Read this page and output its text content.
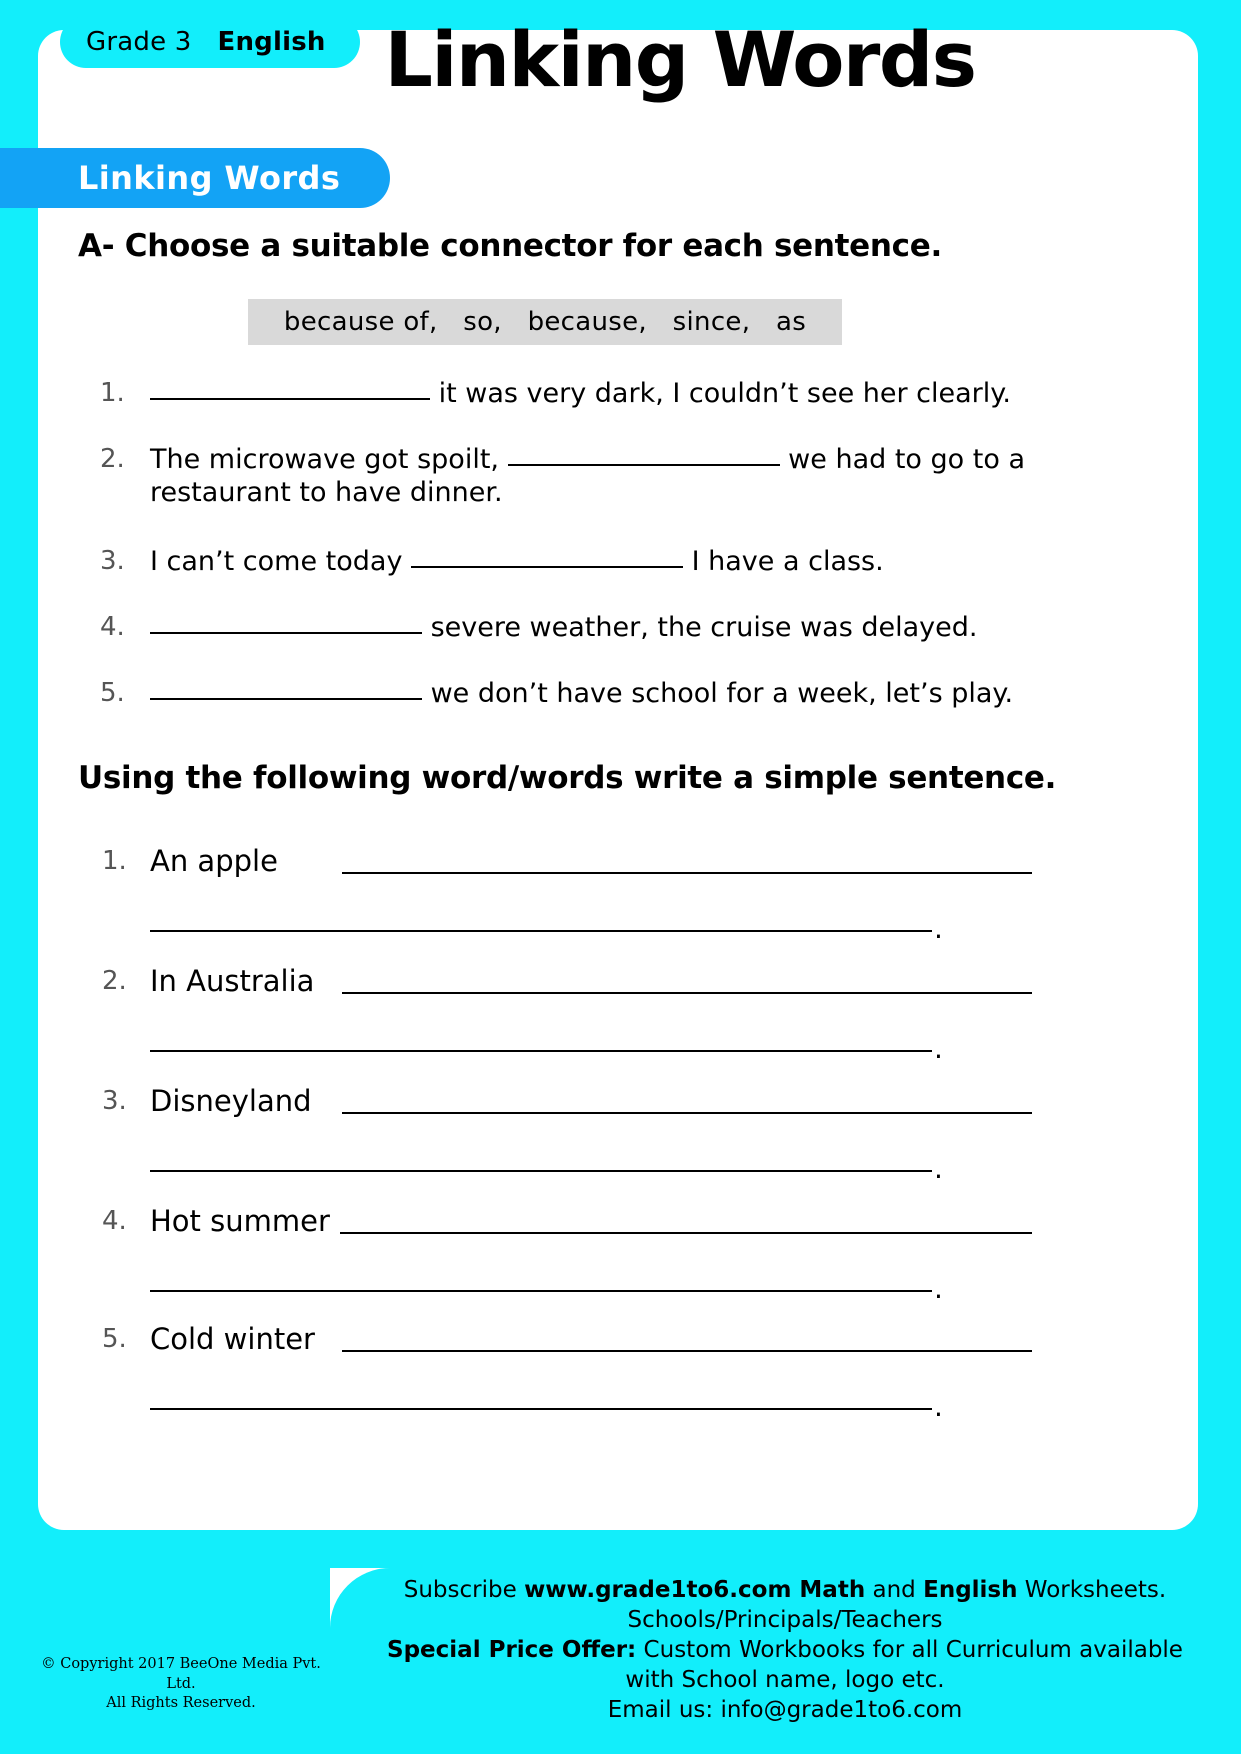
Grade 3 English Linking Words
Linking Words
A- Choose a suitable connector for each sentence.
because of,   so,   because,   since,   as
1.	it was very dark, I couldn’t see her clearly.
2. The microwave got spoilt,	we had to go to a restaurant to have dinner.
3. I can’t come today	I have a class.
4.	severe weather, the cruise was delayed.
5.	we don’t have school for a week, let’s play.
Using the following word/words write a simple sentence.
1. An apple
.
2. In Australia
.
3. Disneyland
.
4. Hot summer
.
5. Cold winter
.
Subscribe www.grade1to6.com Math and English Worksheets.
Schools/Principals/Teachers
Special Price Offer: Custom Workbooks for all Curriculum available
with School name, logo etc.
Email us: info@grade1to6.com
© Copyright 2017 BeeOne Media Pvt. Ltd.
All Rights Reserved.
